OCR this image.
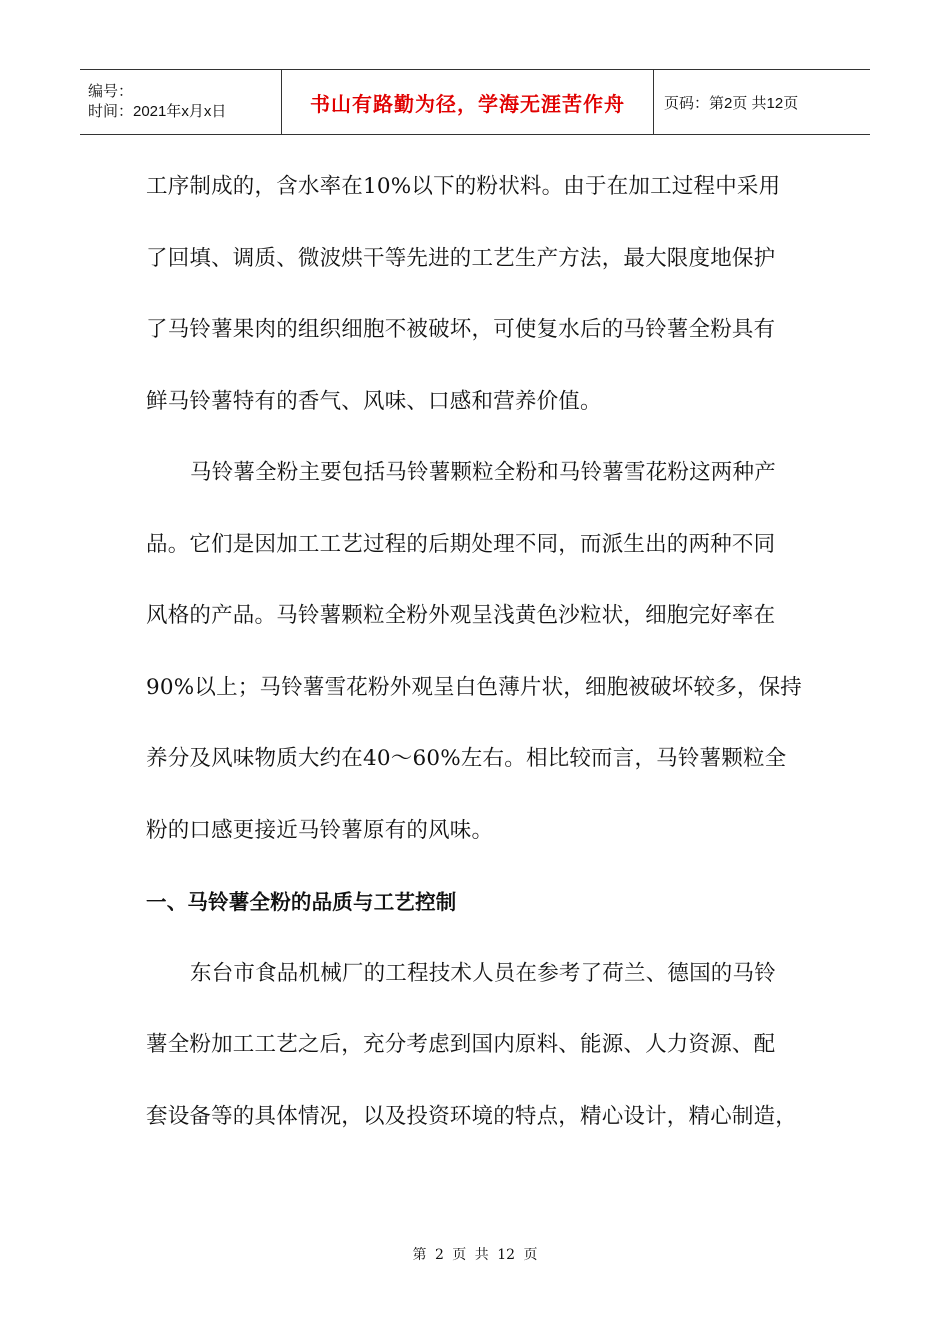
编号：
时间：2021年x月x日	书山有路勤为径，学海无涯苦作舟	页码：第2页 共12页
工序制成的，含水率在10%以下的粉状料。由于在加工过程中采用
了回填、调质、微波烘干等先进的工艺生产方法，最大限度地保护
了马铃薯果肉的组织细胞不被破坏，可使复水后的马铃薯全粉具有
鲜马铃薯特有的香气、风味、口感和营养价值。
马铃薯全粉主要包括马铃薯颗粒全粉和马铃薯雪花粉这两种产
品。它们是因加工工艺过程的后期处理不同，而派生出的两种不同
风格的产品。马铃薯颗粒全粉外观呈浅黄色沙粒状，细胞完好率在
90%以上；马铃薯雪花粉外观呈白色薄片状，细胞被破坏较多，保持
养分及风味物质大约在40～60%左右。相比较而言，马铃薯颗粒全
粉的口感更接近马铃薯原有的风味。
一、马铃薯全粉的品质与工艺控制
东台市食品机械厂的工程技术人员在参考了荷兰、德国的马铃
薯全粉加工工艺之后，充分考虑到国内原料、能源、人力资源、配
套设备等的具体情况，以及投资环境的特点，精心设计，精心制造，
第 2 页 共 12 页
